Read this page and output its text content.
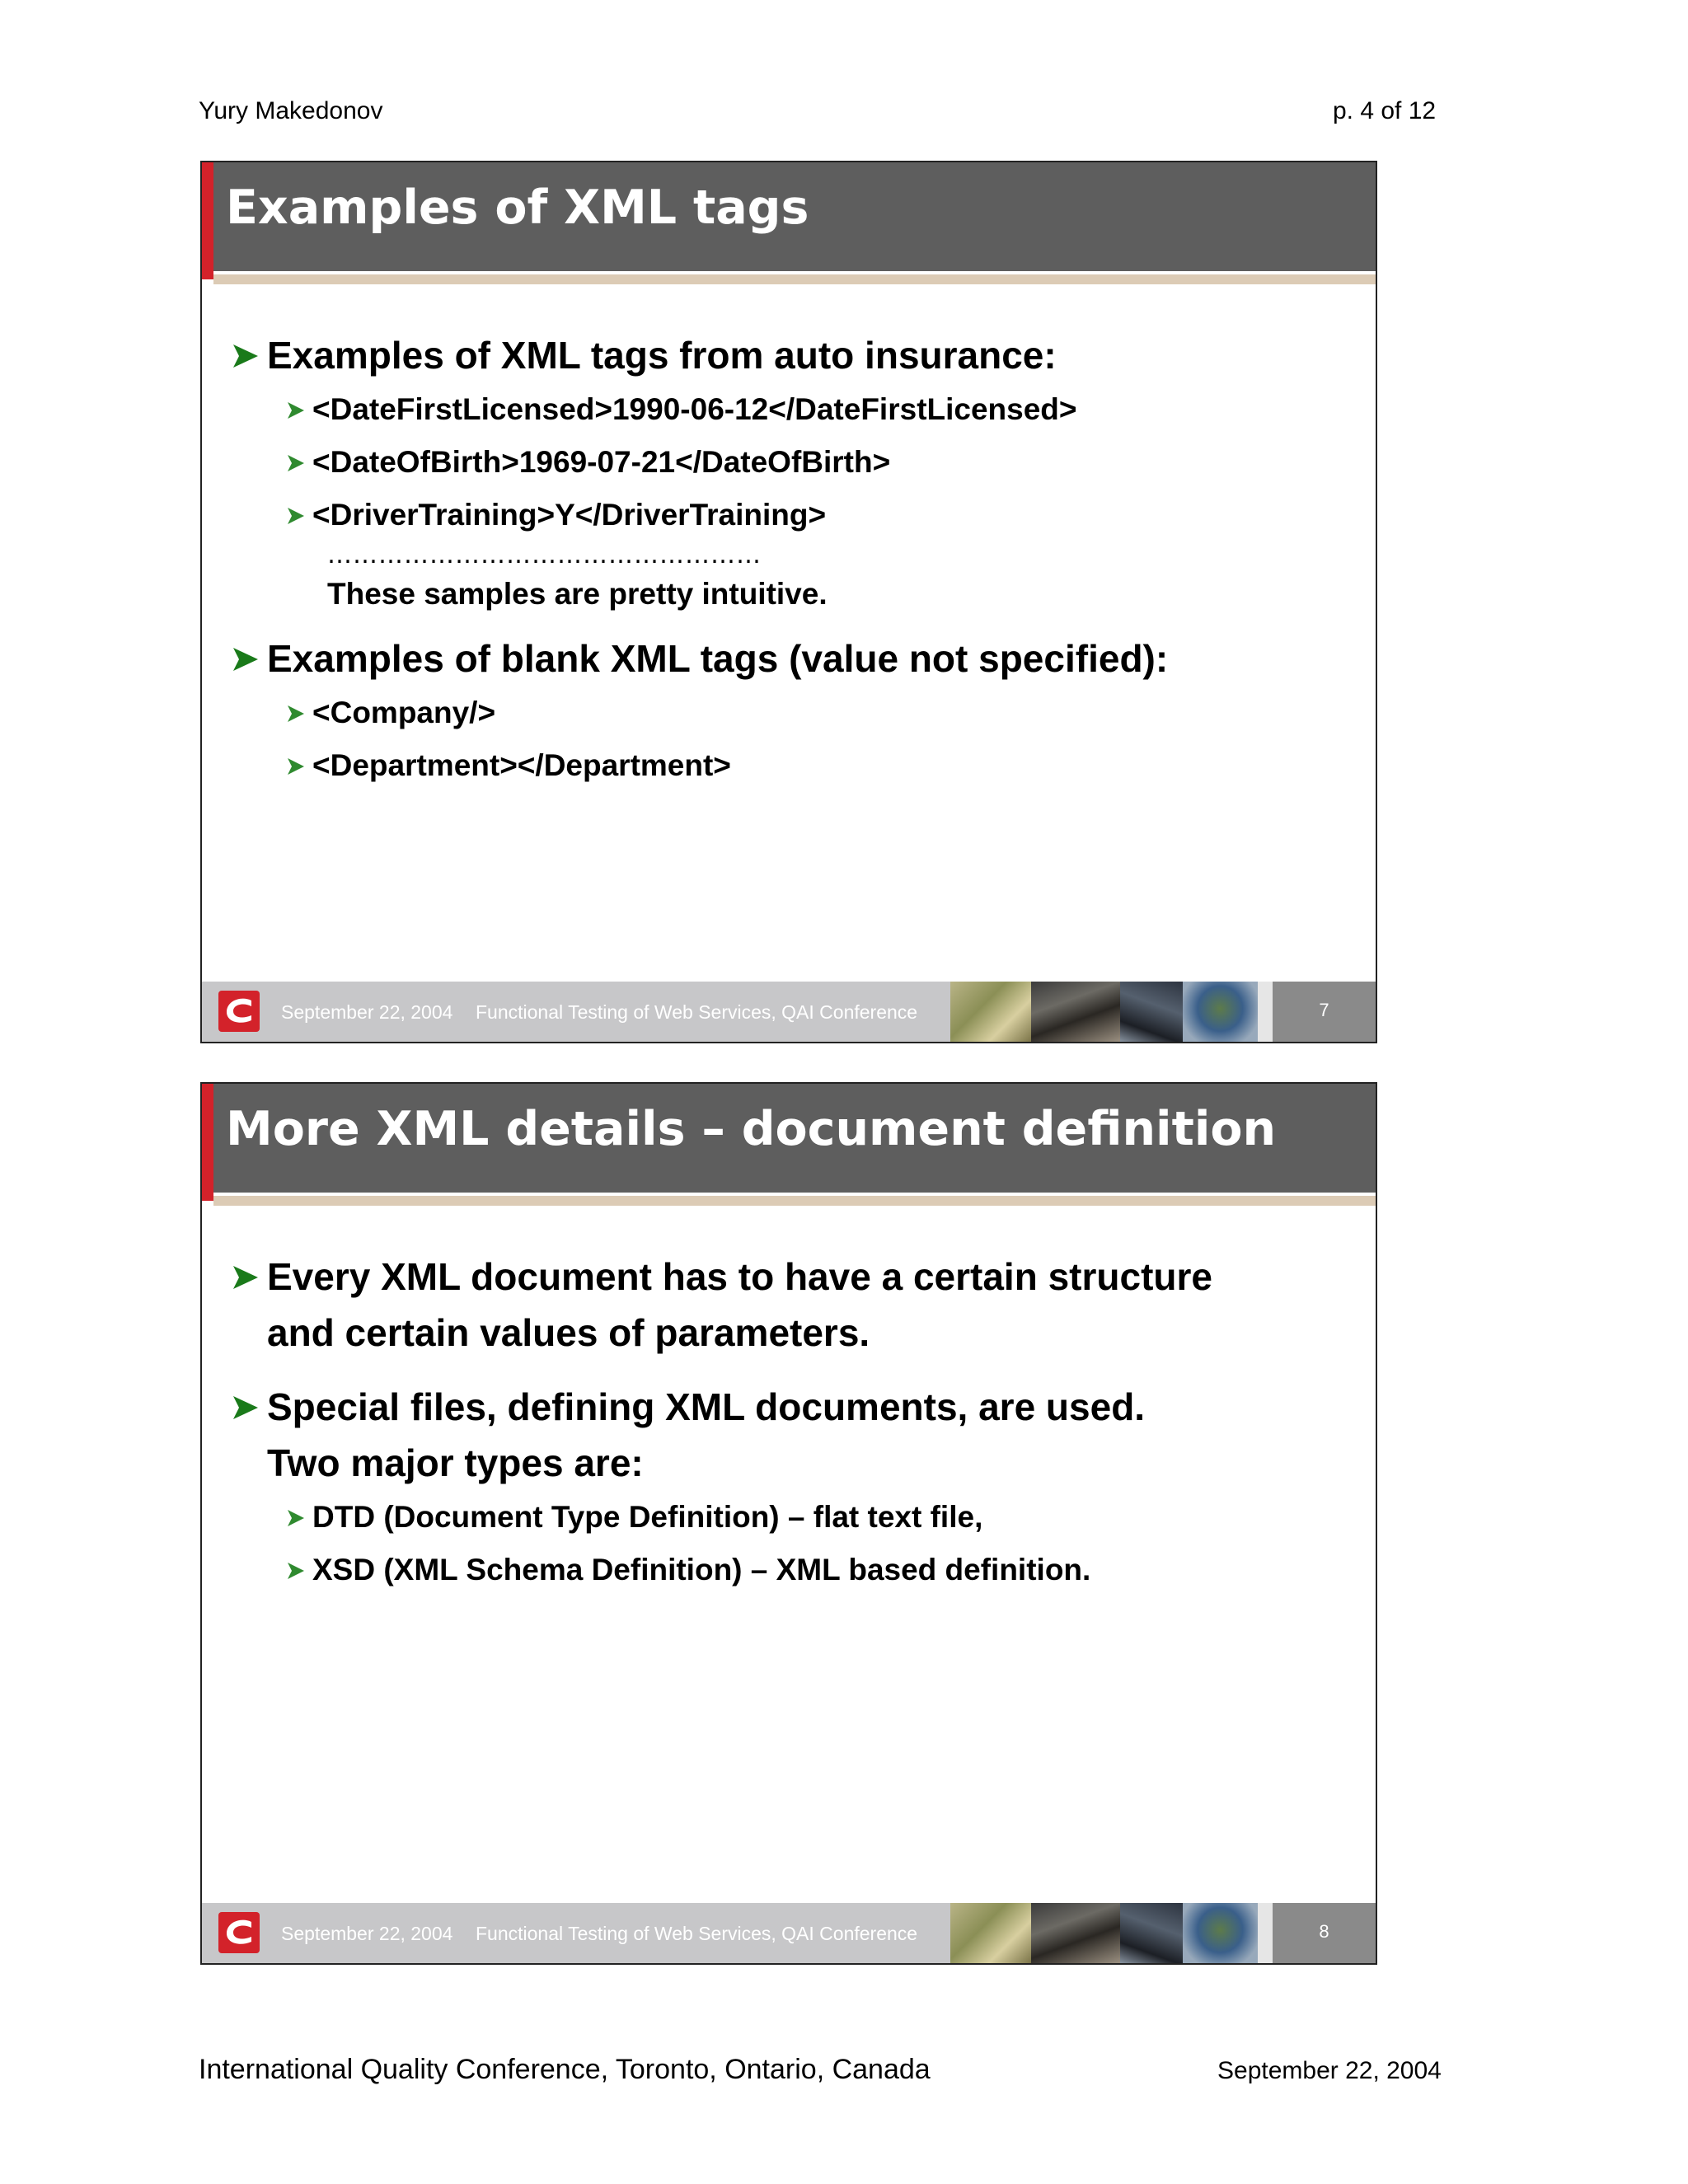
Yury Makedonov	p. 4 of 12
Examples of XML tags
Examples of XML tags from auto insurance:
<DateFirstLicensed>1990-06-12</DateFirstLicensed>
<DateOfBirth>1969-07-21</DateOfBirth>
<DriverTraining>Y</DriverTraining>
……………………………………………
These samples are pretty intuitive.
Examples of blank XML tags (value not specified):
<Company/>
<Department></Department>
September 22, 2004 Functional Testing of Web Services, QAI Conference	7
More XML details – document definition
Every XML document has to have a certain structure
and certain values of parameters.
Special files, defining XML documents, are used.
Two major types are:
DTD (Document Type Definition) – flat text file,
XSD (XML Schema Definition) – XML based definition.
September 22, 2004 Functional Testing of Web Services, QAI Conference	8
International Quality Conference, Toronto, Ontario, Canada	September 22, 2004
